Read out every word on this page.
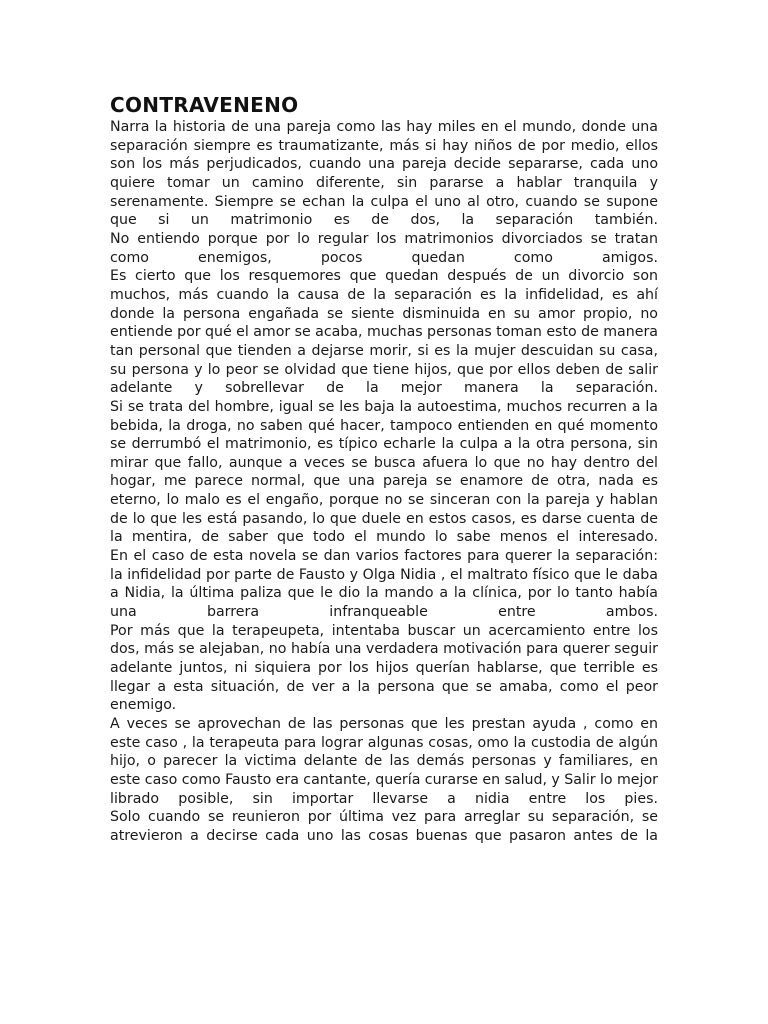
CONTRAVENENO

Narra la historia de una pareja como las hay miles en el mundo, donde una separación siempre es traumatizante, más si hay niños de por medio, ellos son los más perjudicados, cuando una pareja decide separarse, cada uno quiere tomar un camino diferente, sin pararse a hablar tranquila y serenamente. Siempre se echan la culpa el uno al otro, cuando se supone que si un matrimonio es de dos, la separación también.

No entiendo porque por lo regular los matrimonios divorciados se tratan como enemigos, pocos quedan como amigos.

Es cierto que los resquemores que quedan después de un divorcio son muchos, más cuando la causa de la separación es la infidelidad, es ahí donde la persona engañada se siente disminuida en su amor propio, no entiende por qué el amor se acaba, muchas personas toman esto de manera tan personal que tienden a dejarse morir, si es la mujer descuidan su casa, su persona y lo peor se olvidad que tiene hijos, que por ellos deben de salir adelante y sobrellevar de la mejor manera la separación.

Si se trata del hombre, igual se les baja la autoestima, muchos recurren a la bebida, la droga, no saben qué hacer, tampoco entienden en qué momento se derrumbó el matrimonio, es típico echarle la culpa a la otra persona, sin mirar que fallo, aunque a veces se busca afuera lo que no hay dentro del hogar, me parece normal, que una pareja se enamore de otra, nada es eterno, lo malo es el engaño, porque no se sinceran con la pareja y hablan de lo que les está pasando, lo que duele en estos casos, es darse cuenta de la mentira, de saber que todo el mundo lo sabe menos el interesado.

En el caso de esta novela se dan varios factores para querer la separación: la infidelidad por parte de Fausto y Olga Nidia , el maltrato físico que le daba a Nidia, la última paliza que le dio la mando a la clínica, por lo tanto había una barrera infranqueable entre ambos.

Por más que la terapeupeta, intentaba buscar un acercamiento entre los dos, más se alejaban, no había una verdadera motivación para querer seguir adelante juntos, ni siquiera por los hijos querían hablarse, que terrible es llegar a esta situación, de ver a la persona que se amaba, como el peor enemigo.

A veces se aprovechan de las personas que les prestan ayuda , como en este caso , la terapeuta para lograr algunas cosas, omo la custodia de algún hijo, o parecer la victima delante de las demás personas y familiares, en este caso como Fausto era cantante, quería curarse en salud, y Salir lo mejor librado posible, sin importar llevarse a nidia entre los pies.

Solo cuando se reunieron por última vez para arreglar su separación, se atrevieron a decirse cada uno las cosas buenas que pasaron antes de la
